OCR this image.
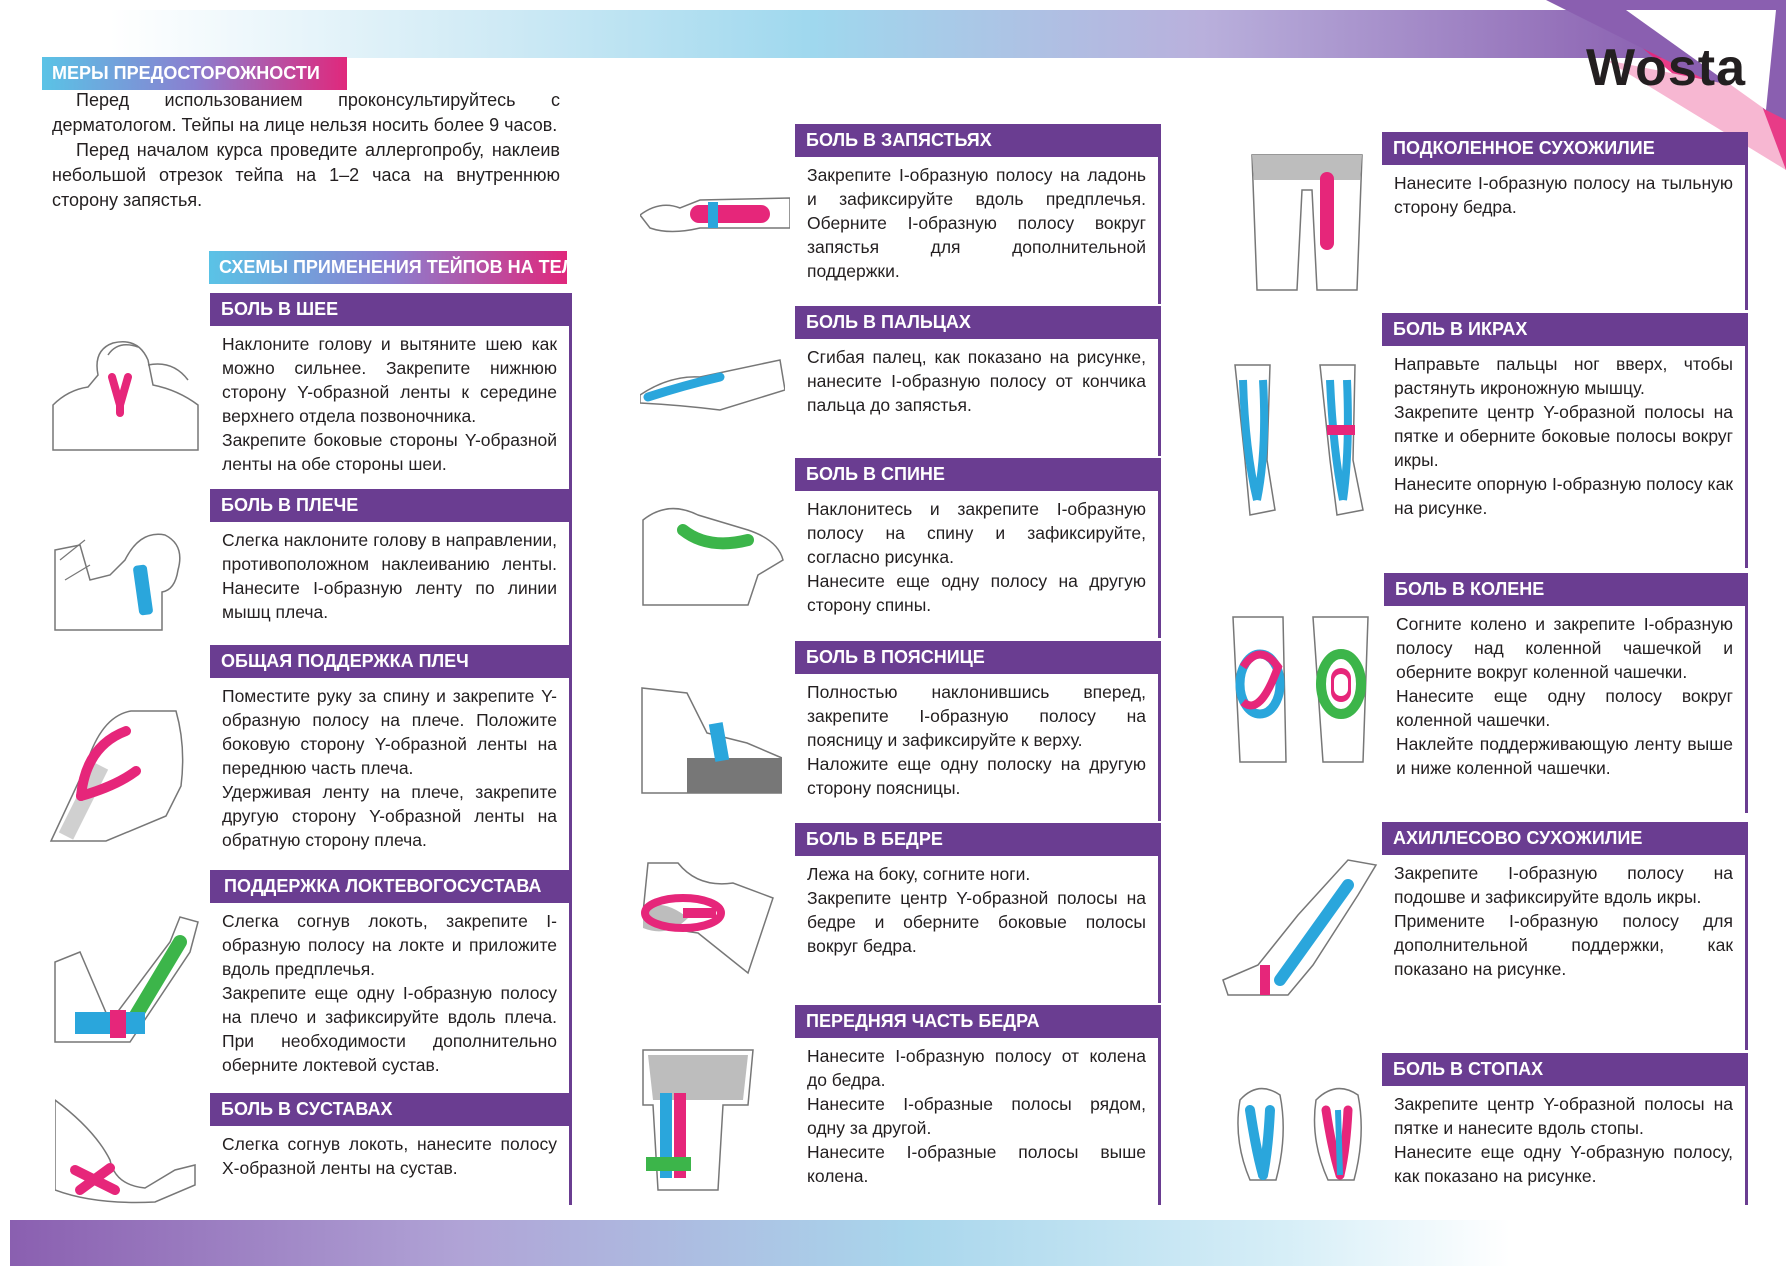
Wosta
МЕРЫ ПРЕДОСТОРОЖНОСТИ

Перед использованием проконсультируйтесь с дерматологом. Тейпы на лице нельзя носить более 9 часов.

Перед началом курса проведите аллергопробу, наклеив небольшой отрезок тейпа на 1–2 часа на внутреннюю сторону запястья.

СХЕМЫ ПРИМЕНЕНИЯ ТЕЙПОВ НА ТЕЛЕ
БОЛЬ В ШЕЕ

Наклоните голову и вытяните шею как можно сильнее. Закрепите нижнюю сторону Y-образной ленты к середине верхнего отдела позвоночника.

Закрепите боковые стороны Y-образной ленты на обе стороны шеи.

БОЛЬ В ПЛЕЧЕ

Слегка наклоните голову в направлении, противоположном наклеиванию ленты. Нанесите I-образную ленту по линии мышц плеча.

ОБЩАЯ ПОДДЕРЖКА ПЛЕЧ

Поместите руку за спину и закрепите Y-образную полосу на плече. Положите боковую сторону Y-образной ленты на переднюю часть плеча.

Удерживая ленту на плече, закрепите другую сторону Y-образной ленты на обратную сторону плеча.

ПОДДЕРЖКА ЛОКТЕВОГОСУСТАВА

Слегка согнув локоть, закрепите I-образную полосу на локте и приложите вдоль предплечья.

Закрепите еще одну I-образную полосу на плечо и зафиксируйте вдоль плеча. При необходимости дополнительно оберните локтевой сустав.

БОЛЬ В СУСТАВАХ

Слегка согнув локоть, нанесите полосу X-образной ленты на сустав.

БОЛЬ В ЗАПЯСТЬЯХ

Закрепите I-образную полосу на ладонь и зафиксируйте вдоль предплечья. Оберните I-образную полосу вокруг запястья для дополнительной поддержки.

БОЛЬ В ПАЛЬЦАХ

Сгибая палец, как показано на рисунке, нанесите I-образную полосу от кончика пальца до запястья.

БОЛЬ В СПИНЕ

Наклонитесь и закрепите I-образную полосу на спину и зафиксируйте, согласно рисунка.

Нанесите еще одну полосу на другую сторону спины.

БОЛЬ В ПОЯСНИЦЕ

Полностью наклонившись вперед, закрепите I-образную полосу на поясницу и зафиксируйте к верху.

Наложите еще одну полоску на другую сторону поясницы.

БОЛЬ В БЕДРЕ

Лежа на боку, согните ноги.

Закрепите центр Y-образной полосы на бедре и оберните боковые полосы вокруг бедра.

ПЕРЕДНЯЯ ЧАСТЬ БЕДРА

Нанесите I-образную полосу от колена до бедра.

Нанесите I-образные полосы рядом, одну за другой.

Нанесите I-образные полосы выше колена.

ПОДКОЛЕННОЕ СУХОЖИЛИЕ

Нанесите I-образную полосу на тыльную сторону бедра.

БОЛЬ В ИКРАХ

Направьте пальцы ног вверх, чтобы растянуть икроножную мышцу.

Закрепите центр Y-образной полосы на пятке и оберните боковые полосы вокруг икры.

Нанесите опорную I-образную полосу как на рисунке.

БОЛЬ В КОЛЕНЕ

Согните колено и закрепите I-образную полосу над коленной чашечкой и оберните вокруг коленной чашечки.

Нанесите еще одну полосу вокруг коленной чашечки.

Наклейте поддерживающую ленту выше и ниже коленной чашечки.

АХИЛЛЕСОВО СУХОЖИЛИЕ

Закрепите I-образную полосу на подошве и зафиксируйте вдоль икры.

Примените I-образную полосу для дополнительной поддержки, как показано на рисунке.

БОЛЬ В СТОПАХ

Закрепите центр Y-образной полосы на пятке и нанесите вдоль стопы.

Нанесите еще одну Y-образную полосу, как показано на рисунке.
